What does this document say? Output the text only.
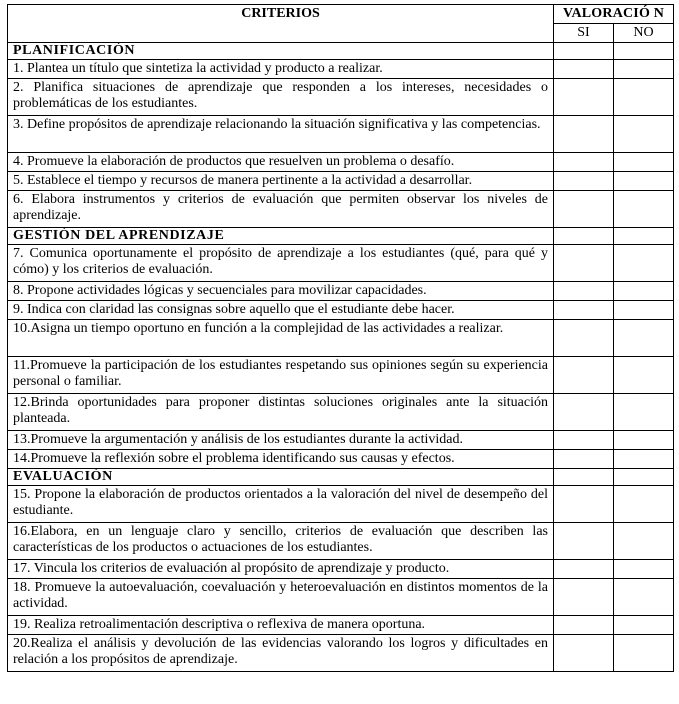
CRITERIOS	VALORACIÓ N	
	SI	NO
PLANIFICACIÓN		
1. Plantea un título que sintetiza la actividad y producto a realizar.		
2. Planifica situaciones de aprendizaje que responden a los intereses, necesidades o problemáticas de los estudiantes.		
3. Define propósitos de aprendizaje relacionando la situación significativa y las competencias.		
4. Promueve la elaboración de productos que resuelven un problema o desafío.		
5. Establece el tiempo y recursos de manera pertinente a la actividad a desarrollar.		
6. Elabora instrumentos y criterios de evaluación que permiten observar los niveles de aprendizaje.		
GESTIÓN DEL APRENDIZAJE		
7. Comunica oportunamente el propósito de aprendizaje a los estudiantes (qué, para qué y cómo) y los criterios de evaluación.		
8. Propone actividades lógicas y secuenciales para movilizar capacidades.		
9. Indica con claridad las consignas sobre aquello que el estudiante debe hacer.		
10.Asigna un tiempo oportuno en función a la complejidad de las actividades a realizar.		
11.Promueve la participación de los estudiantes respetando sus opiniones según su experiencia personal o familiar.		
12.Brinda oportunidades para proponer distintas soluciones originales ante la situación planteada.		
13.Promueve la argumentación y análisis de los estudiantes durante la actividad.		
14.Promueve la reflexión sobre el problema identificando sus causas y efectos.		
EVALUACIÓN		
15. Propone la elaboración de productos orientados a la valoración del nivel de desempeño del estudiante.		
16.Elabora, en un lenguaje claro y sencillo, criterios de evaluación que describen las características de los productos o actuaciones de los estudiantes.		
17. Vincula los criterios de evaluación al propósito de aprendizaje y producto.		
18. Promueve la autoevaluación, coevaluación y heteroevaluación en distintos momentos de la actividad.		
19. Realiza retroalimentación descriptiva o reflexiva de manera oportuna.		
20.Realiza el análisis y devolución de las evidencias valorando los logros y dificultades en relación a los propósitos de aprendizaje.		
